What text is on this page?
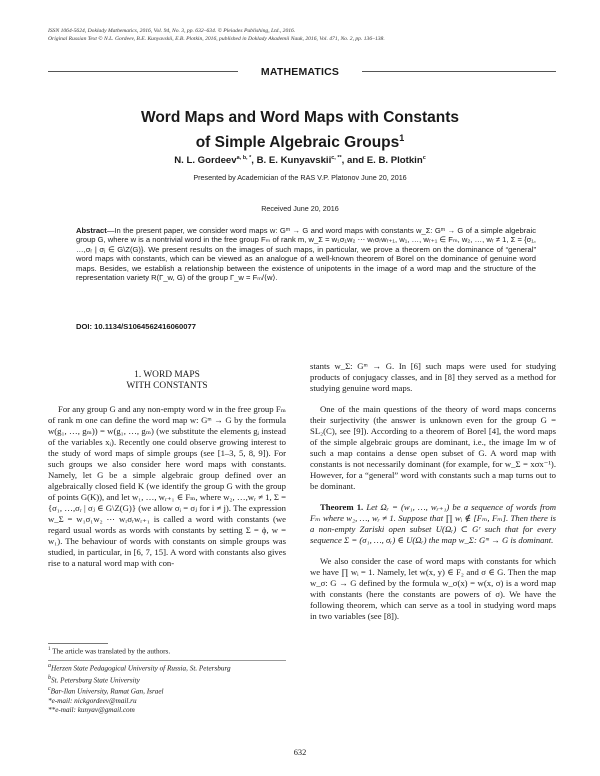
ISSN 1064-5624, Doklady Mathematics, 2016, Vol. 94, No. 3, pp. 632–634. © Pleiades Publishing, Ltd., 2016.
Original Russian Text © N.L. Gordeev, B.E. Kunyavskii, E.B. Plotkin, 2016, published in Doklady Akademii Nauk, 2016, Vol. 471, No. 2, pp. 136–138.
MATHEMATICS
Word Maps and Word Maps with Constants
of Simple Algebraic Groups$^1$
N. L. Gordeev$^{a, b, *}$, B. E. Kunyavskii$^{c, **}$, and E. B. Plotkin$^c$
Presented by Academician of the RAS V.P. Platonov June 20, 2016
Received June 20, 2016
Abstract—In the present paper, we consider word maps w: Gᵐ → G and word maps with constants w_Σ: Gᵐ → G of a simple algebraic group G, where w is a nontrivial word in the free group Fₘ of rank m, w_Σ = w₁σ₁w₂ ⋯ wᵣσᵣwᵣ₊₁, w₁, …, wᵣ₊₁ ∈ Fₘ, w₂, …, wᵣ ≠ 1, Σ = {σ₁, …,σᵣ | σⱼ ∈ G\Z(G)}. We present results on the images of such maps, in particular, we prove a theorem on the dominance of “general” word maps with constants, which can be viewed as an analogue of a well-known theorem of Borel on the dominance of genuine word maps. Besides, we establish a relationship between the existence of unipotents in the image of a word map and the structure of the representation variety R(Γ_w, G) of the group Γ_w = Fₘ/⟨w⟩.
DOI: 10.1134/S1064562416060077
1. WORD MAPS
WITH CONSTANTS

For any group G and any non-empty word w in the free group Fₘ of rank m one can define the word map w: Gᵐ → G by the formula w(g₁, …, gₘ)) = w(g₁, …, gₘ) (we substitute the elements gᵢ instead of the variables xᵢ). Recently one could observe growing interest to the study of word maps of simple groups (see [1–3, 5, 8, 9]). For such groups we also consider here word maps with constants. Namely, let G be a simple algebraic group defined over an algebraically closed field K (we identify the group G with the group of points G(K)), and let w₁, …, wᵣ₊₁ ∈ Fₘ, where w₂, …,wᵣ ≠ 1, Σ = {σ₁, …,σᵣ | σⱼ ∈ G\Z(G)} (we allow σᵢ = σⱼ for i ≠ j). The expression w_Σ = w₁σ₁w₂ ⋯ wᵣσᵣwᵣ₊₁ is called a word with constants (we regard usual words as words with constants by setting Σ = ϕ, w = w₁). The behaviour of words with constants on simple groups was studied, in particular, in [6, 7, 15]. A word with constants also gives rise to a natural word map with con-

$^1$ The article was translated by the authors.
$^a$Herzen State Pedagogical University of Russia, St. Petersburg
$^b$St. Petersburg State University
$^c$Bar-Ilan University, Ramat Gan, Israel
*e-mail: nickgordeev@mail.ru
**e-mail: kunyav@gmail.com

stants w_Σ: Gᵐ → G. In [6] such maps were used for studying products of conjugacy classes, and in [8] they served as a method for studying genuine word maps.

One of the main questions of the theory of word maps concerns their surjectivity (the answer is unknown even for the group G = SL₂(C), see [9]). According to a theorem of Borel [4], the word maps of the simple algebraic groups are dominant, i.e., the image Im w of such a map contains a dense open subset of G. A word map with constants is not necessarily dominant (for example, for w_Σ = xσx⁻¹). However, for a “general” word with constants such a map turns out to be dominant.

Theorem 1. Let Ωᵣ = (w₁, …, wᵣ₊₁) be a sequence of words from Fₘ where w₂, …, wᵣ ≠ 1. Suppose that ∏ wᵢ ∉ [Fₘ, Fₘ]. Then there is a non-empty Zariski open subset U(Ωᵣ) ⊂ Gʳ such that for every sequence Σ = (σ₁, …, σᵣ) ∈ U(Ωᵣ) the map w_Σ: Gᵐ → G is dominant.

We also consider the case of word maps with constants for which we have ∏ wᵢ = 1. Namely, let w(x, y) ∈ F₂ and σ ∈ G. Then the map w_σ: G → G defined by the formula w_σ(x) = w(x, σ) is a word map with constants (here the constants are powers of σ). We have the following theorem, which can serve as a tool in studying word maps in two variables (see [8]).

632
